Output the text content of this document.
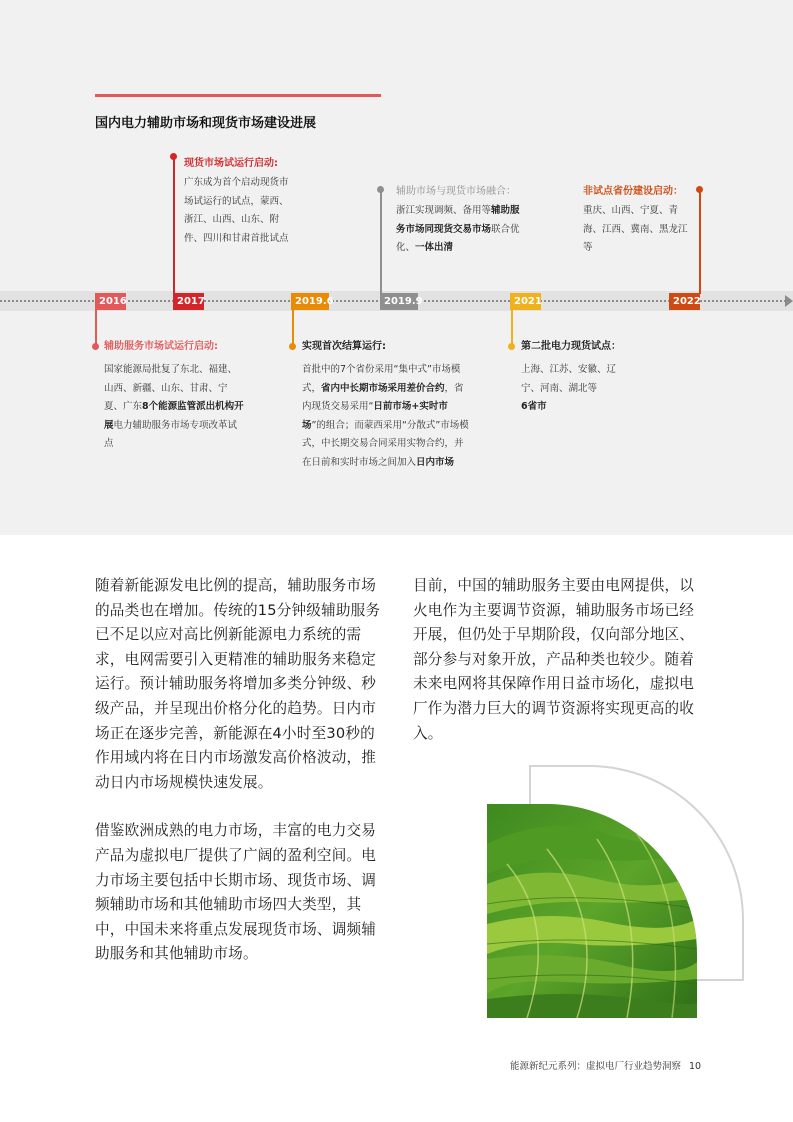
国内电力辅助市场和现货市场建设进展
2016	2017	2019.6	2019.9	2021	2022
现货市场试运行启动:
广东成为首个启动现货市场试运行的试点，蒙西、浙江、山西、山东、附件、四川和甘肃首批试点
辅助市场与现货市场融合：
浙江实现调频、备用等辅助服务市场同现货交易市场联合优化、一体出清
非试点省份建设启动：
重庆、山西、宁夏、青海、江西、冀南、黑龙江等
辅助服务市场试运行启动:
国家能源局批复了东北、福建、山西、新疆、山东、甘肃、宁夏、广东8个能源监管派出机构开展电力辅助服务市场专项改革试点
实现首次结算运行:
首批中的7个省份采用“集中式”市场模式，省内中长期市场采用差价合约，省内现货交易采用“日前市场+实时市场”的组合；而蒙西采用“分散式”市场模式，中长期交易合同采用实物合约，并在日前和实时市场之间加入日内市场
第二批电力现货试点：
上海、江苏、安徽、辽宁、河南、湖北等
6省市

随着新能源发电比例的提高，辅助服务市场的品类也在增加。传统的15分钟级辅助服务已不足以应对高比例新能源电力系统的需求，电网需要引入更精准的辅助服务来稳定运行。预计辅助服务将增加多类分钟级、秒级产品，并呈现出价格分化的趋势。日内市场正在逐步完善，新能源在4小时至30秒的作用域内将在日内市场激发高价格波动，推动日内市场规模快速发展。

借鉴欧洲成熟的电力市场，丰富的电力交易产品为虚拟电厂提供了广阔的盈利空间。电力市场主要包括中长期市场、现货市场、调频辅助市场和其他辅助市场四大类型，其中，中国未来将重点发展现货市场、调频辅助服务和其他辅助市场。

目前，中国的辅助服务主要由电网提供，以火电作为主要调节资源，辅助服务市场已经开展，但仍处于早期阶段，仅向部分地区、部分参与对象开放，产品种类也较少。随着未来电网将其保障作用日益市场化，虚拟电厂作为潜力巨大的调节资源将实现更高的收入。

能源新纪元系列：虚拟电厂行业趋势洞察 10
